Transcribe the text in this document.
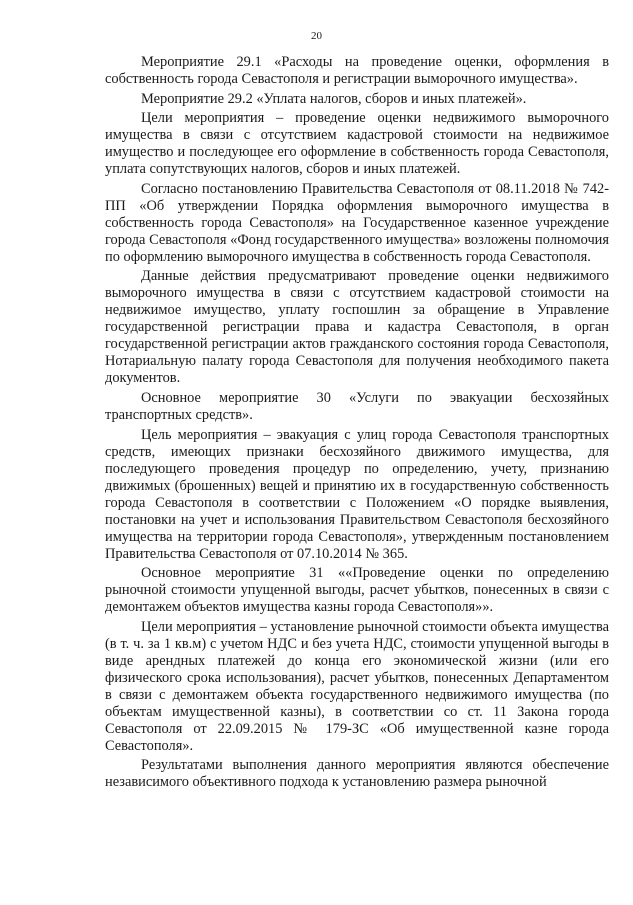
20

Мероприятие 29.1 «Расходы на проведение оценки, оформления в собственность города Севастополя и регистрации выморочного имущества».

Мероприятие 29.2 «Уплата налогов, сборов и иных платежей».

Цели мероприятия – проведение оценки недвижимого выморочного имущества в связи с отсутствием кадастровой стоимости на недвижимое имущество и последующее его оформление в собственность города Севастополя, уплата сопутствующих налогов, сборов и иных платежей.

Согласно постановлению Правительства Севастополя от 08.11.2018 № 742-ПП «Об утверждении Порядка оформления выморочного имущества в собственность города Севастополя» на Государственное казенное учреждение города Севастополя «Фонд государственного имущества» возложены полномочия по оформлению выморочного имущества в собственность города Севастополя.

Данные действия предусматривают проведение оценки недвижимого выморочного имущества в связи с отсутствием кадастровой стоимости на недвижимое имущество, уплату госпошлин за обращение в Управление государственной регистрации права и кадастра Севастополя, в орган государственной регистрации актов гражданского состояния города Севастополя, Нотариальную палату города Севастополя для получения необходимого пакета документов.

Основное мероприятие 30 «Услуги по эвакуации бесхозяйных транспортных средств».

Цель мероприятия – эвакуация с улиц города Севастополя транспортных средств, имеющих признаки бесхозяйного движимого имущества, для последующего проведения процедур по определению, учету, признанию движимых (брошенных) вещей и принятию их в государственную собственность города Севастополя в соответствии с Положением «О порядке выявления, постановки на учет и использования Правительством Севастополя бесхозяйного имущества на территории города Севастополя», утвержденным постановлением Правительства Севастополя от 07.10.2014 № 365.

Основное мероприятие 31 ««Проведение оценки по определению рыночной стоимости упущенной выгоды, расчет убытков, понесенных в связи с демонтажем объектов имущества казны города Севастополя»».

Цели мероприятия – установление рыночной стоимости объекта имущества (в т. ч. за 1 кв.м) с учетом НДС и без учета НДС, стоимости упущенной выгоды в виде арендных платежей до конца его экономической жизни (или его физического срока использования), расчет убытков, понесенных Департаментом в связи с демонтажем объекта государственного недвижимого имущества (по объектам имущественной казны), в соответствии со ст. 11 Закона города Севастополя от 22.09.2015 № 179-ЗС «Об имущественной казне города Севастополя».

Результатами выполнения данного мероприятия являются обеспечение независимого объективного подхода к установлению размера рыночной
